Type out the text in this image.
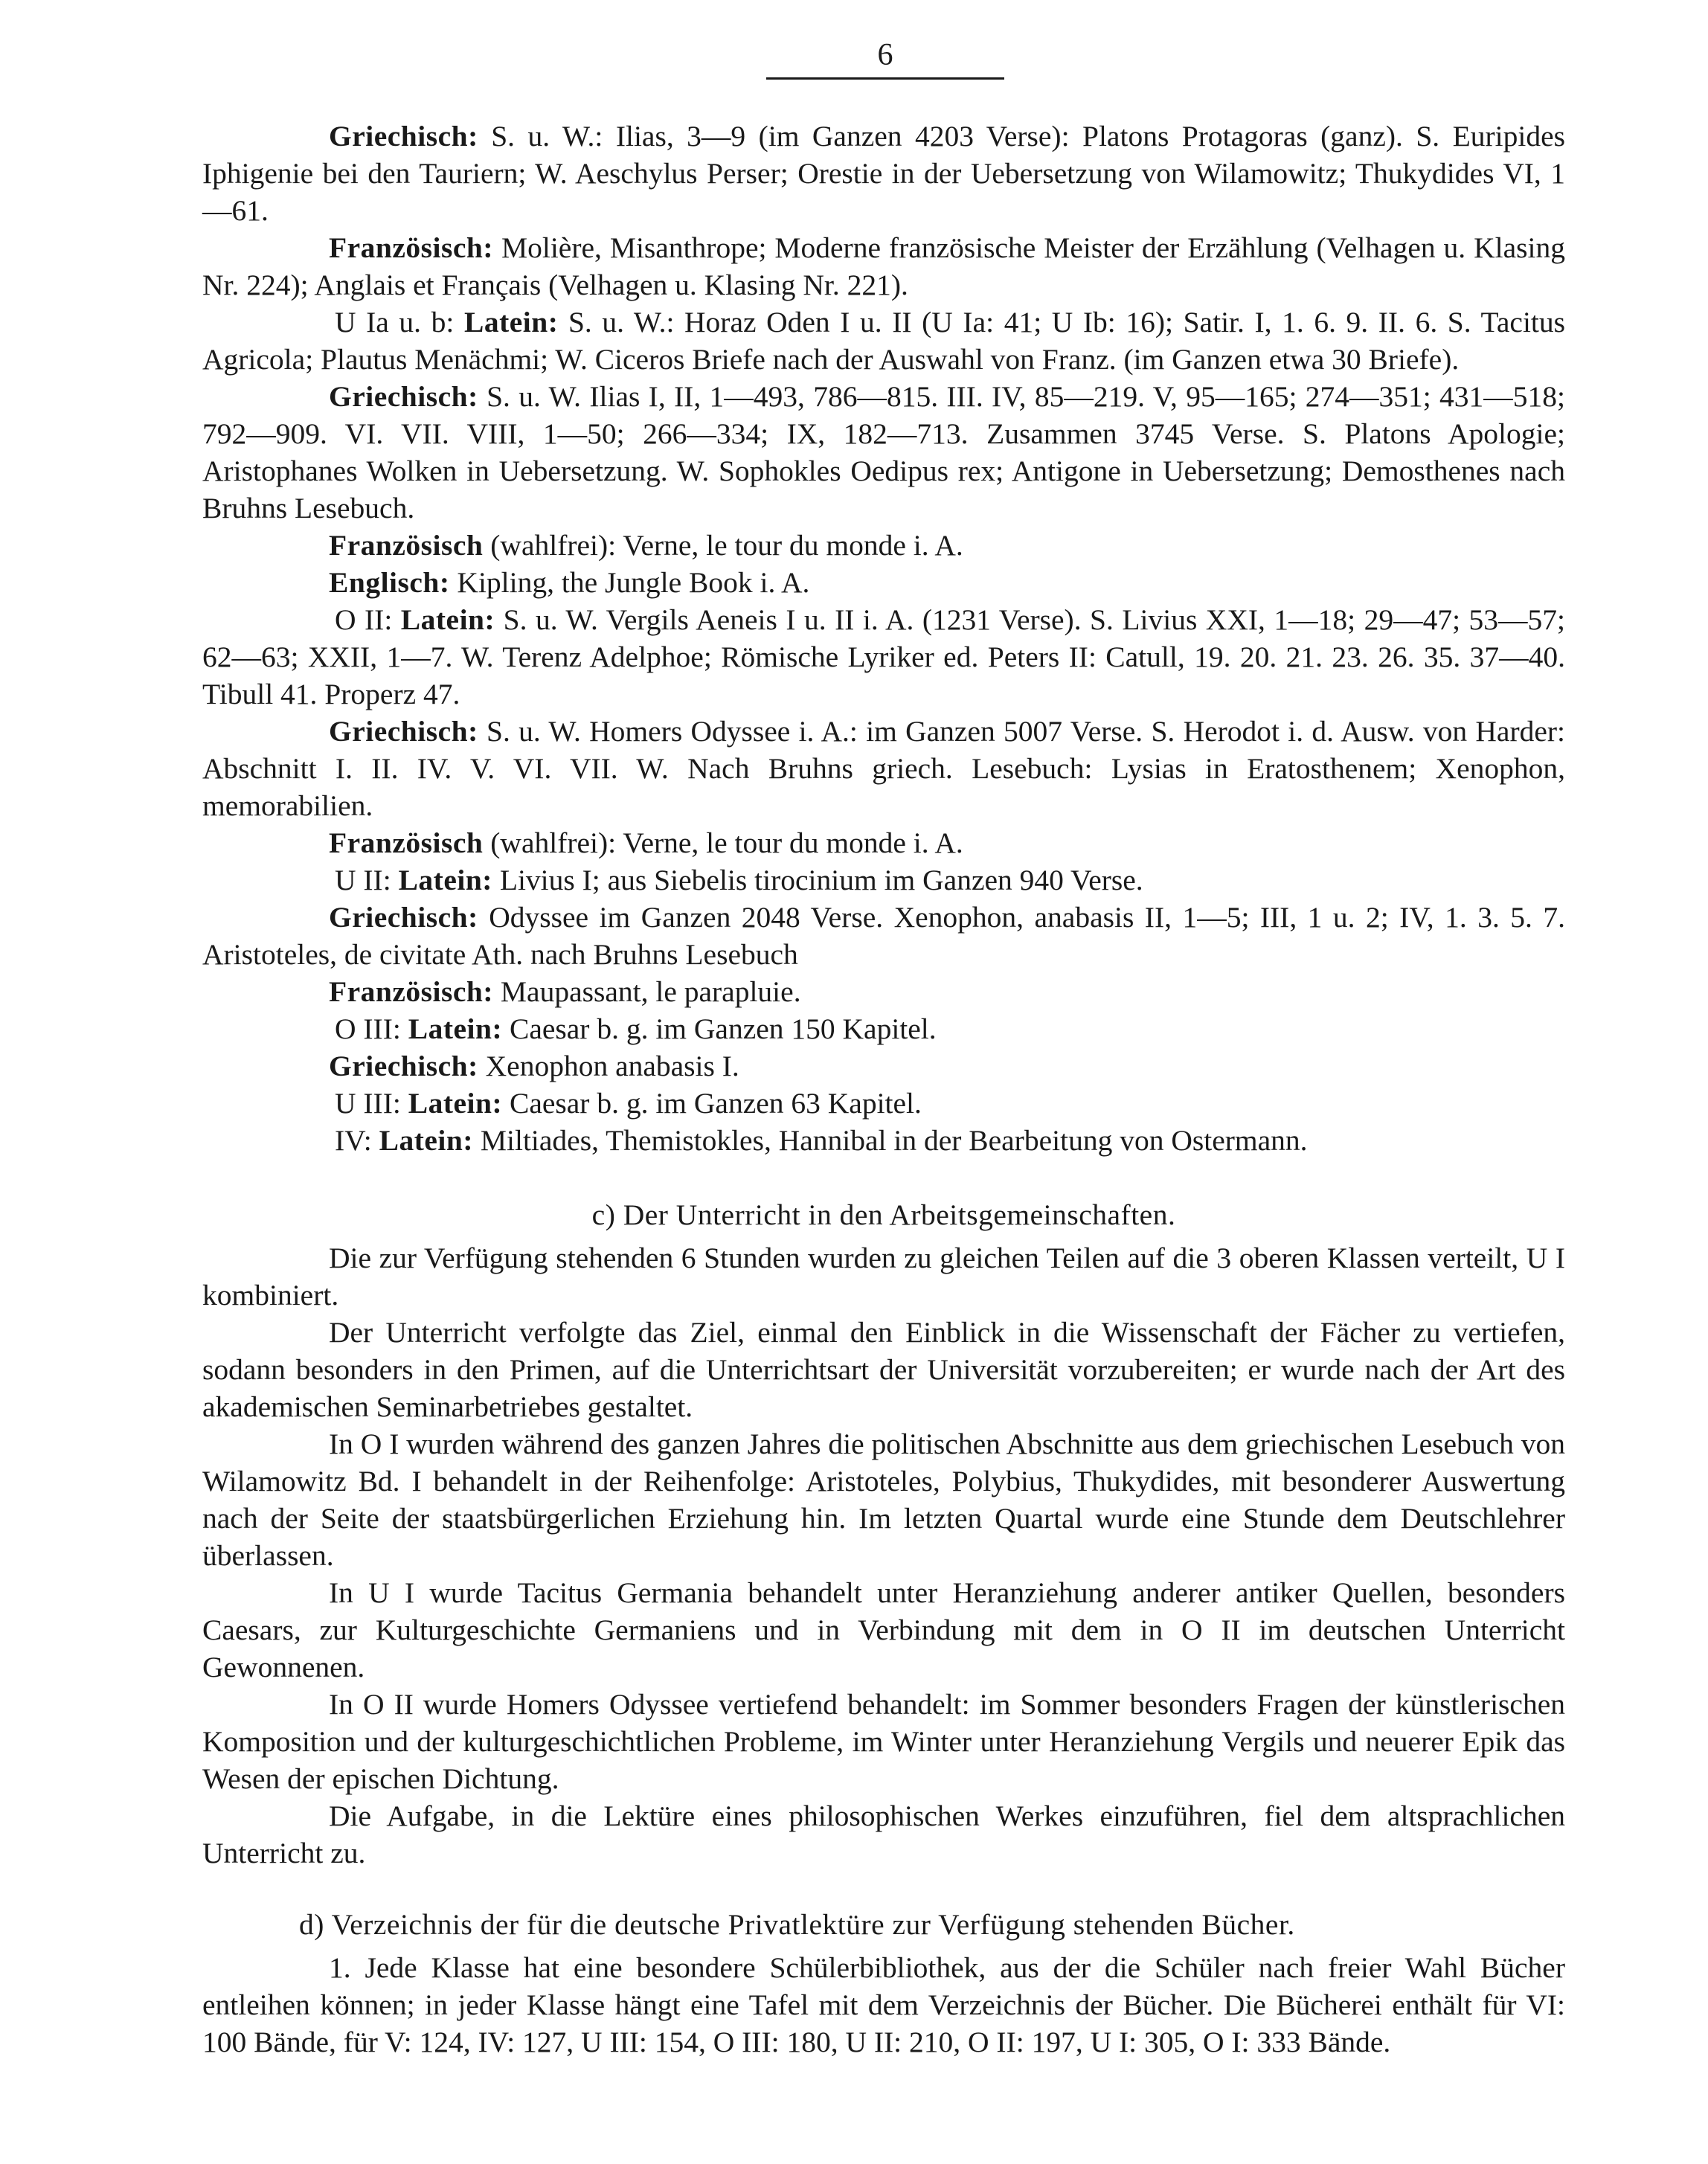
6

Griechisch: S. u. W.: Ilias, 3—9 (im Ganzen 4203 Verse): Platons Protagoras (ganz). S. Euripides Iphigenie bei den Tauriern; W. Aeschylus Perser; Orestie in der Uebersetzung von Wilamowitz; Thukydides VI, 1—61.

Französisch: Molière, Misanthrope; Moderne französische Meister der Erzählung (Velhagen u. Klasing Nr. 224); Anglais et Français (Velhagen u. Klasing Nr. 221).

U Ia u. b: Latein: S. u. W.: Horaz Oden I u. II (U Ia: 41; U Ib: 16); Satir. I, 1. 6. 9. II. 6. S. Tacitus Agricola; Plautus Menächmi; W. Ciceros Briefe nach der Auswahl von Franz. (im Ganzen etwa 30 Briefe).

Griechisch: S. u. W. Ilias I, II, 1—493, 786—815. III. IV, 85—219. V, 95—165; 274—351; 431—518; 792—909. VI. VII. VIII, 1—50; 266—334; IX, 182—713. Zusammen 3745 Verse. S. Platons Apologie; Aristophanes Wolken in Uebersetzung. W. Sophokles Oedipus rex; Antigone in Uebersetzung; Demosthenes nach Bruhns Lesebuch.

Französisch (wahlfrei): Verne, le tour du monde i. A.

Englisch: Kipling, the Jungle Book i. A.

O II: Latein: S. u. W. Vergils Aeneis I u. II i. A. (1231 Verse). S. Livius XXI, 1—18; 29—47; 53—57; 62—63; XXII, 1—7. W. Terenz Adelphoe; Römische Lyriker ed. Peters II: Catull, 19. 20. 21. 23. 26. 35. 37—40. Tibull 41. Properz 47.

Griechisch: S. u. W. Homers Odyssee i. A.: im Ganzen 5007 Verse. S. Herodot i. d. Ausw. von Harder: Abschnitt I. II. IV. V. VI. VII. W. Nach Bruhns griech. Lesebuch: Lysias in Eratosthenem; Xenophon, memorabilien.

Französisch (wahlfrei): Verne, le tour du monde i. A.

U II: Latein: Livius I; aus Siebelis tirocinium im Ganzen 940 Verse.

Griechisch: Odyssee im Ganzen 2048 Verse. Xenophon, anabasis II, 1—5; III, 1 u. 2; IV, 1. 3. 5. 7. Aristoteles, de civitate Ath. nach Bruhns Lesebuch

Französisch: Maupassant, le parapluie.

O III: Latein: Caesar b. g. im Ganzen 150 Kapitel.

Griechisch: Xenophon anabasis I.

U III: Latein: Caesar b. g. im Ganzen 63 Kapitel.

IV: Latein: Miltiades, Themistokles, Hannibal in der Bearbeitung von Ostermann.

c) Der Unterricht in den Arbeitsgemeinschaften.

Die zur Verfügung stehenden 6 Stunden wurden zu gleichen Teilen auf die 3 oberen Klassen verteilt, U I kombiniert.

Der Unterricht verfolgte das Ziel, einmal den Einblick in die Wissenschaft der Fächer zu vertiefen, sodann besonders in den Primen, auf die Unterrichtsart der Universität vorzubereiten; er wurde nach der Art des akademischen Seminarbetriebes gestaltet.

In O I wurden während des ganzen Jahres die politischen Abschnitte aus dem griechischen Lesebuch von Wilamowitz Bd. I behandelt in der Reihenfolge: Aristoteles, Polybius, Thukydides, mit besonderer Auswertung nach der Seite der staatsbürgerlichen Erziehung hin. Im letzten Quartal wurde eine Stunde dem Deutschlehrer überlassen.

In U I wurde Tacitus Germania behandelt unter Heranziehung anderer antiker Quellen, besonders Caesars, zur Kulturgeschichte Germaniens und in Verbindung mit dem in O II im deutschen Unterricht Gewonnenen.

In O II wurde Homers Odyssee vertiefend behandelt: im Sommer besonders Fragen der künstlerischen Komposition und der kulturgeschichtlichen Probleme, im Winter unter Heranziehung Vergils und neuerer Epik das Wesen der epischen Dichtung.

Die Aufgabe, in die Lektüre eines philosophischen Werkes einzuführen, fiel dem altsprachlichen Unterricht zu.

d) Verzeichnis der für die deutsche Privatlektüre zur Verfügung stehenden Bücher.

1. Jede Klasse hat eine besondere Schülerbibliothek, aus der die Schüler nach freier Wahl Bücher entleihen können; in jeder Klasse hängt eine Tafel mit dem Verzeichnis der Bücher. Die Bücherei enthält für VI: 100 Bände, für V: 124, IV: 127, U III: 154, O III: 180, U II: 210, O II: 197, U I: 305, O I: 333 Bände.
